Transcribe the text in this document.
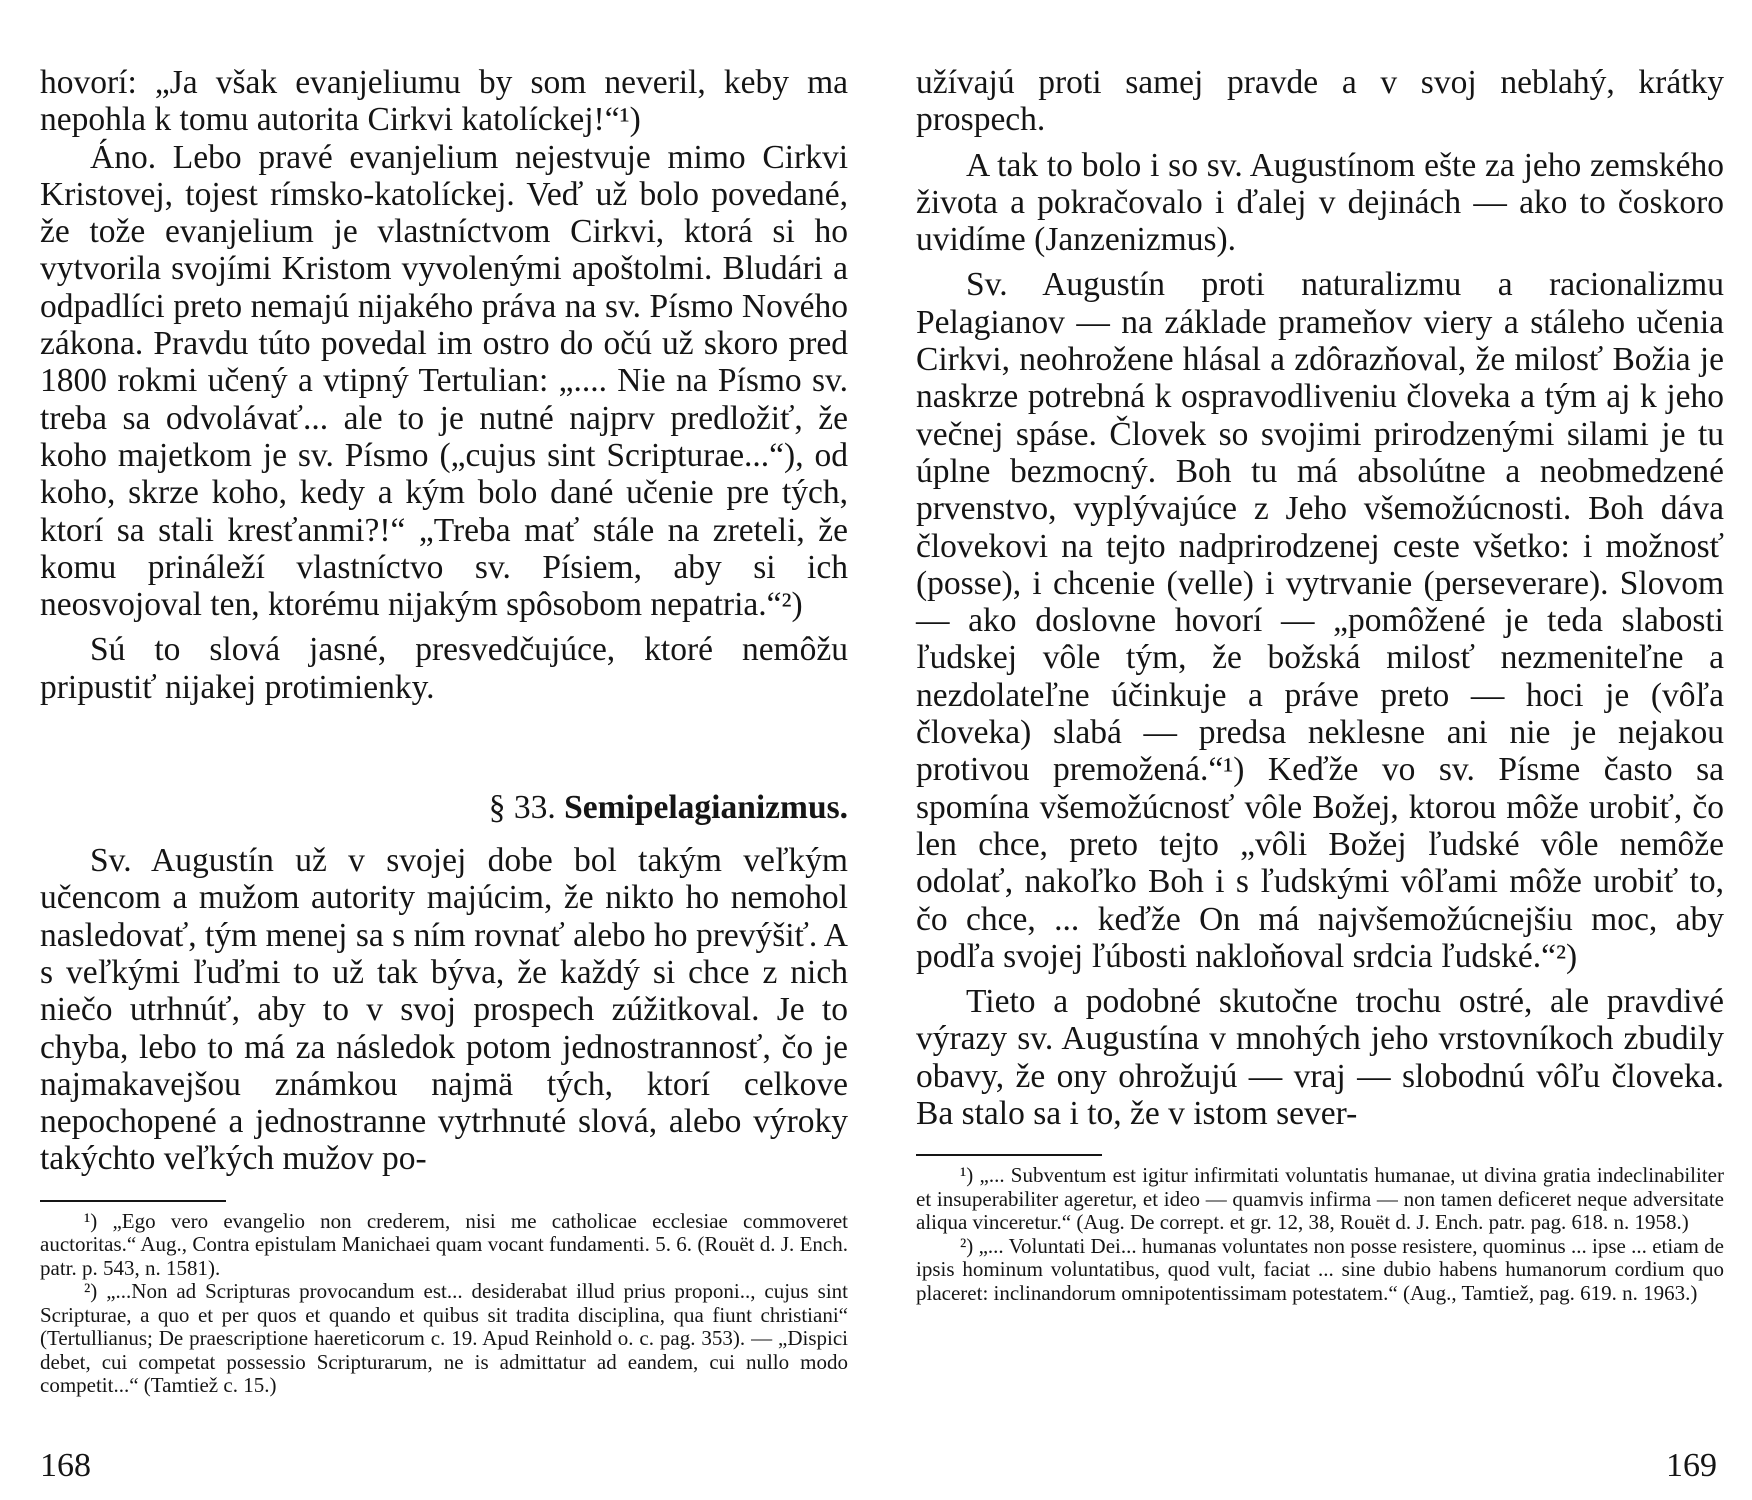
hovorí: „Ja však evanjeliumu by som neveril, keby ma nepohla k tomu autorita Cirkvi katolíckej!“¹)

Áno. Lebo pravé evanjelium nejestvuje mimo Cirkvi Kristovej, tojest rímsko-katolíckej. Veď už bolo povedané, že tože evanjelium je vlastníctvom Cirkvi, ktorá si ho vytvorila svojími Kristom vyvolenými apoštolmi. Bludári a odpadlíci preto nemajú nijakého práva na sv. Písmo Nového zákona. Pravdu túto povedal im ostro do očú už skoro pred 1800 rokmi učený a vtipný Tertulian: „.... Nie na Písmo sv. treba sa odvolávať... ale to je nutné najprv predložiť, že koho majetkom je sv. Písmo („cujus sint Scripturae...“), od koho, skrze koho, kedy a kým bolo dané učenie pre tých, ktorí sa stali kresťanmi?!“ „Treba mať stále na zreteli, že komu prináleží vlastníctvo sv. Písiem, aby si ich neosvojoval ten, ktorému nijakým spôsobom nepatria.“²)

Sú to slová jasné, presvedčujúce, ktoré nemôžu pripustiť nijakej protimienky.

§ 33. Semipelagianizmus.

Sv. Augustín už v svojej dobe bol takým veľkým učencom a mužom autority majúcim, že nikto ho nemohol nasledovať, tým menej sa s ním rovnať alebo ho prevýšiť. A s veľkými ľuďmi to už tak býva, že každý si chce z nich niečo utrhnúť, aby to v svoj prospech zúžitkoval. Je to chyba, lebo to má za následok potom jednostrannosť, čo je najmakavejšou známkou najmä tých, ktorí celkove nepochopené a jednostranne vytrhnuté slová, alebo výroky takýchto veľkých mužov po-

¹) „Ego vero evangelio non crederem, nisi me catholicae ecclesiae commoveret auctoritas.“ Aug., Contra epistulam Manichaei quam vocant fundamenti. 5. 6. (Rouët d. J. Ench. patr. p. 543, n. 1581).

²) „...Non ad Scripturas provocandum est... desiderabat illud prius proponi.., cujus sint Scripturae, a quo et per quos et quando et quibus sit tradita disciplina, qua fiunt christiani“ (Tertullianus; De praescriptione haereticorum c. 19. Apud Reinhold o. c. pag. 353). — „Dispici debet, cui competat possessio Scripturarum, ne is admittatur ad eandem, cui nullo modo competit...“ (Tamtiež c. 15.)

užívajú proti samej pravde a v svoj neblahý, krátky prospech.

A tak to bolo i so sv. Augustínom ešte za jeho zemského života a pokračovalo i ďalej v dejinách — ako to čoskoro uvidíme (Janzenizmus).

Sv. Augustín proti naturalizmu a racionalizmu Pelagianov — na základe prameňov viery a stáleho učenia Cirkvi, neohrožene hlásal a zdôrazňoval, že milosť Božia je naskrze potrebná k ospravodliveniu človeka a tým aj k jeho večnej spáse. Človek so svojimi prirodzenými silami je tu úplne bezmocný. Boh tu má absolútne a neobmedzené prvenstvo, vyplývajúce z Jeho všemožúcnosti. Boh dáva človekovi na tejto nadprirodzenej ceste všetko: i možnosť (posse), i chcenie (velle) i vytrvanie (perseverare). Slovom — ako doslovne hovorí — „pomôžené je teda slabosti ľudskej vôle tým, že božská milosť nezmeniteľne a nezdolateľne účinkuje a práve preto — hoci je (vôľa človeka) slabá — predsa neklesne ani nie je nejakou protivou premožená.“¹) Keďže vo sv. Písme často sa spomína všemožúcnosť vôle Božej, ktorou môže urobiť, čo len chce, preto tejto „vôli Božej ľudské vôle nemôže odolať, nakoľko Boh i s ľudskými vôľami môže urobiť to, čo chce, ... keďže On má najvšemožúcnejšiu moc, aby podľa svojej ľúbosti nakloňoval srdcia ľudské.“²)

Tieto a podobné skutočne trochu ostré, ale pravdivé výrazy sv. Augustína v mnohých jeho vrstovníkoch zbudily obavy, že ony ohrožujú — vraj — slobodnú vôľu človeka. Ba stalo sa i to, že v istom sever-

¹) „... Subventum est igitur infirmitati voluntatis humanae, ut divina gratia indeclinabiliter et insuperabiliter ageretur, et ideo — quamvis infirma — non tamen deficeret neque adversitate aliqua vinceretur.“ (Aug. De corrept. et gr. 12, 38, Rouët d. J. Ench. patr. pag. 618. n. 1958.)

²) „... Voluntati Dei... humanas voluntates non posse resistere, quominus ... ipse ... etiam de ipsis hominum voluntatibus, quod vult, faciat ... sine dubio habens humanorum cordium quo placeret: inclinandorum omnipotentissimam potestatem.“ (Aug., Tamtiež, pag. 619. n. 1963.)

168	169
